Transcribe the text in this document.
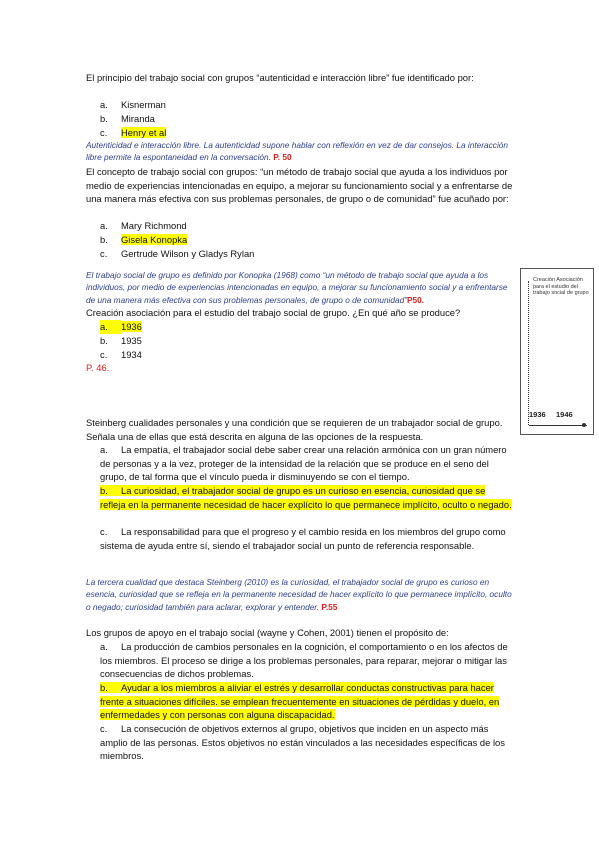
El principio del trabajo social con grupos “autenticidad e interacción libre” fue identificado por:

a. Kisnerman
b. Miranda
c. Henry et al

Autenticidad e interacción libre. La autenticidad supone hablar con reflexión en vez de dar consejos. La interacción libre permite la espontaneidad en la conversación. P. 50

El concepto de trabajo social con grupos: “un método de trabajo social que ayuda a los individuos por medio de experiencias intencionadas en equipo, a mejorar su funcionamiento social y a enfrentarse de una manera más efectiva con sus problemas personales, de grupo o de comunidad” fue acuñado por:

a. Mary Richmond
b. Gisela Konopka
c. Gertrude Wilson y Gladys Rylan

El trabajo social de grupo es definido por Konopka (1968) como “un método de trabajo social que ayuda a los individuos, por medio de experiencias intencionadas en equipo, a mejorar su funcionamiento social y a enfrentarse de una manera más efectiva con sus problemas personales, de grupo o de comunidad”P50.

Creación asociación para el estudio del trabajo social de grupo. ¿En qué año se produce?

a. 1936
b. 1935
c. 1934
P. 46.
Creación Asociación para el estudio del trabajo social de grupo
1936 1946

Steinberg cualidades personales y una condición que se requieren de un trabajador social de grupo. Señala una de ellas que está descrita en alguna de las opciones de la respuesta.

a. La empatía, el trabajador social debe saber crear una relación armónica con un gran número de personas y a la vez, proteger de la intensidad de la relación que se produce en el seno del grupo, de tal forma que el vínculo pueda ir disminuyendo se con el tiempo.

b. La curiosidad, el trabajador social de grupo es un curioso en esencia, curiosidad que se refleja en la permanente necesidad de hacer explícito lo que permanece implícito, oculto o negado.

c. La responsabilidad para que el progreso y el cambio resida en los miembros del grupo como sistema de ayuda entre sí, siendo el trabajador social un punto de referencia responsable.

La tercera cualidad que destaca Steinberg (2010) es la curiosidad, el trabajador social de grupo es curioso en esencia, curiosidad que se refleja en la permanente necesidad de hacer explícito lo que permanece implícito, oculto o negado; curiosidad también para aclarar, explorar y entender. P.55

Los grupos de apoyo en el trabajo social (wayne y Cohen, 2001) tienen el propósito de:

a. La producción de cambios personales en la cognición, el comportamiento o en los afectos de los miembros. El proceso se dirige a los problemas personales, para reparar, mejorar o mitigar las consecuencias de dichos problemas.

b. Ayudar a los miembros a aliviar el estrés y desarrollar conductas constructivas para hacer frente a situaciones difíciles. se emplean frecuentemente en situaciones de pérdidas y duelo, en enfermedades y con personas con alguna discapacidad.

c. La consecución de objetivos externos al grupo, objetivos que inciden en un aspecto más amplio de las personas. Estos objetivos no están vinculados a las necesidades específicas de los miembros.
